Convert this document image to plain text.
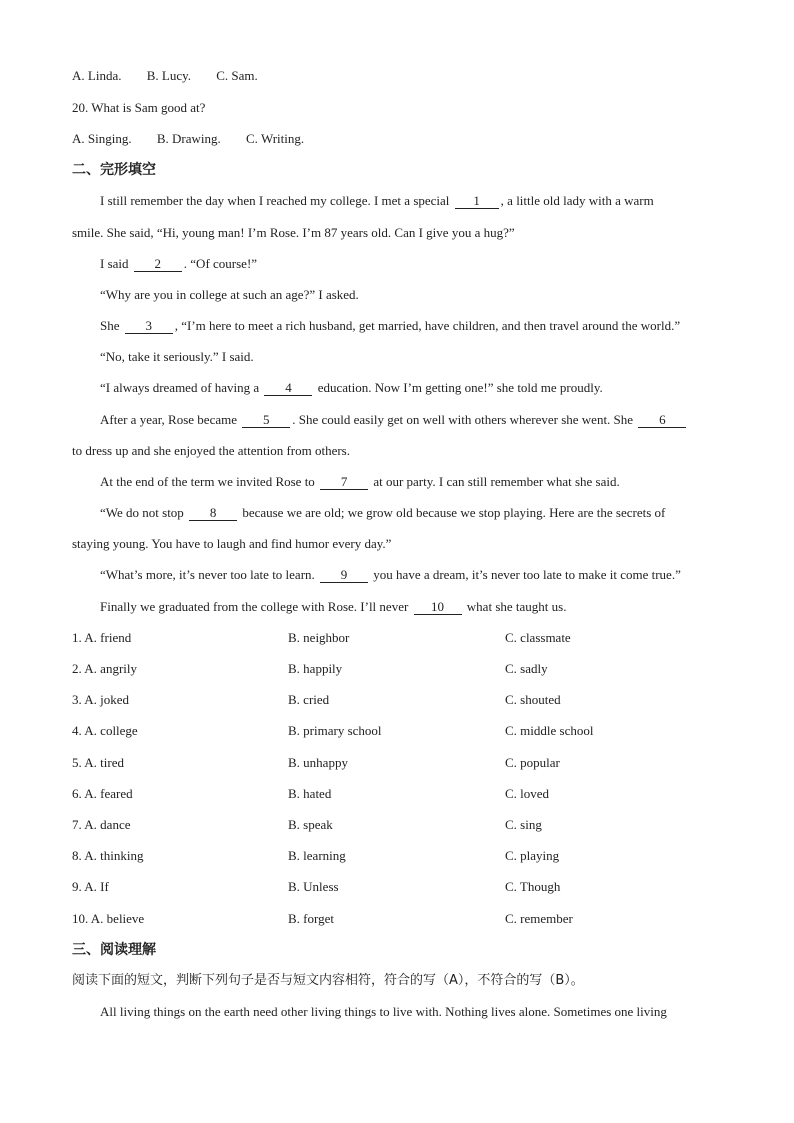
A. Linda. B. Lucy. C. Sam.
20. What is Sam good at?
A. Singing. B. Drawing. C. Writing.
二、完形填空
I still remember the day when I reached my college. I met a special 1 , a little old lady with a warm
smile. She said, “Hi, young man! I’m Rose. I’m 87 years old. Can I give you a hug?”
I said 2 . “Of course!”
“Why are you in college at such an age?” I asked.
She 3 , “I’m here to meet a rich husband, get married, have children, and then travel around the world.”
“No, take it seriously.” I said.
“I always dreamed of having a 4 education. Now I’m getting one!” she told me proudly.
After a year, Rose became 5 . She could easily get on well with others wherever she went. She 6
to dress up and she enjoyed the attention from others.
At the end of the term we invited Rose to 7 at our party. I can still remember what she said.
“We do not stop 8 because we are old; we grow old because we stop playing. Here are the secrets of
staying young. You have to laugh and find humor every day.”
“What’s more, it’s never too late to learn. 9 you have a dream, it’s never too late to make it come true.”
Finally we graduated from the college with Rose. I’ll never 10 what she taught us.
1. A. friend	B. neighbor	C. classmate
2. A. angrily	B. happily	C. sadly
3. A. joked	B. cried	C. shouted
4. A. college	B. primary school	C. middle school
5. A. tired	B. unhappy	C. popular
6. A. feared	B. hated	C. loved
7. A. dance	B. speak	C. sing
8. A. thinking	B. learning	C. playing
9. A. If	B. Unless	C. Though
10. A. believe	B. forget	C. remember
三、阅读理解
阅读下面的短文，判断下列句子是否与短文内容相符，符合的写（A），不符合的写（B）。
All living things on the earth need other living things to live with. Nothing lives alone. Sometimes one living
